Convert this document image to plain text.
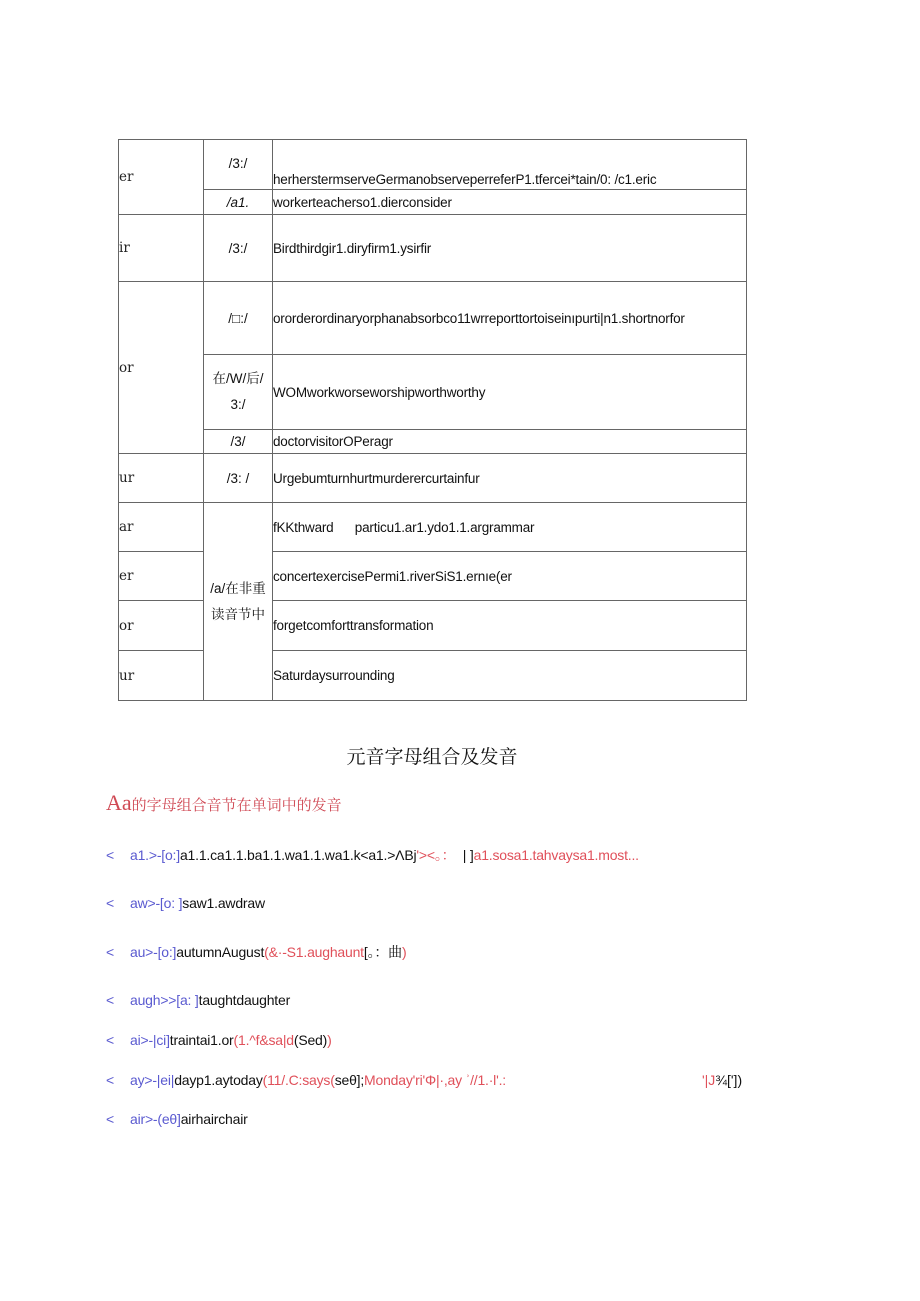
er	/3:/	herherstermserveGermanobserveperreferP1.tfercei*tain/0: /c1.eric
	/a1.	workerteacherso1.dierconsider
ir	/3:/	Birdthirdgir1.diryfirm1.ysirfir
or	/□:/	ororderordinaryorphanabsorbco11wrreporttortoiseinıpurti|n1.shortnorfor
	在/W/后/ 3:/	WOMworkworseworshipworthworthy
	/3/	doctorvisitorOPeragr
ur	/3: /	Urgebumturnhurtmurderercurtainfur
ar	/a/在非重读音节中	fKKthward      particu1.ar1.ydo1.1.argrammar
er		concertexercisePermi1.riverSiS1.ernıe(er
or		forgetcomforttransformation
ur		Saturdaysurrounding
元音字母组合及发音
Aa的字母组合音节在单词中的发音
< a1.>-[o:]a1.1.ca1.1.ba1.1.wa1.1.wa1.k<a1.>ΛBj'><。：  | ]a1.sosa1.tahvaysa1.most...
< aw>-[o: ]saw1.awdraw
< au>-[o:]autumnAugust(&·-S1.aughaunt[。：曲)
< augh>>[a: ]taughtdaughter
< ai>-|ci]traintai1.or(1.^f&sa|d(Sed))
< ay>-|ei|dayp1.aytoday(11/.C:says(seθ];Monday'ri'Φ|·,ay ʾ//1.·l'.:
< air>-(eθ]airhairchair
'|J¾['])
